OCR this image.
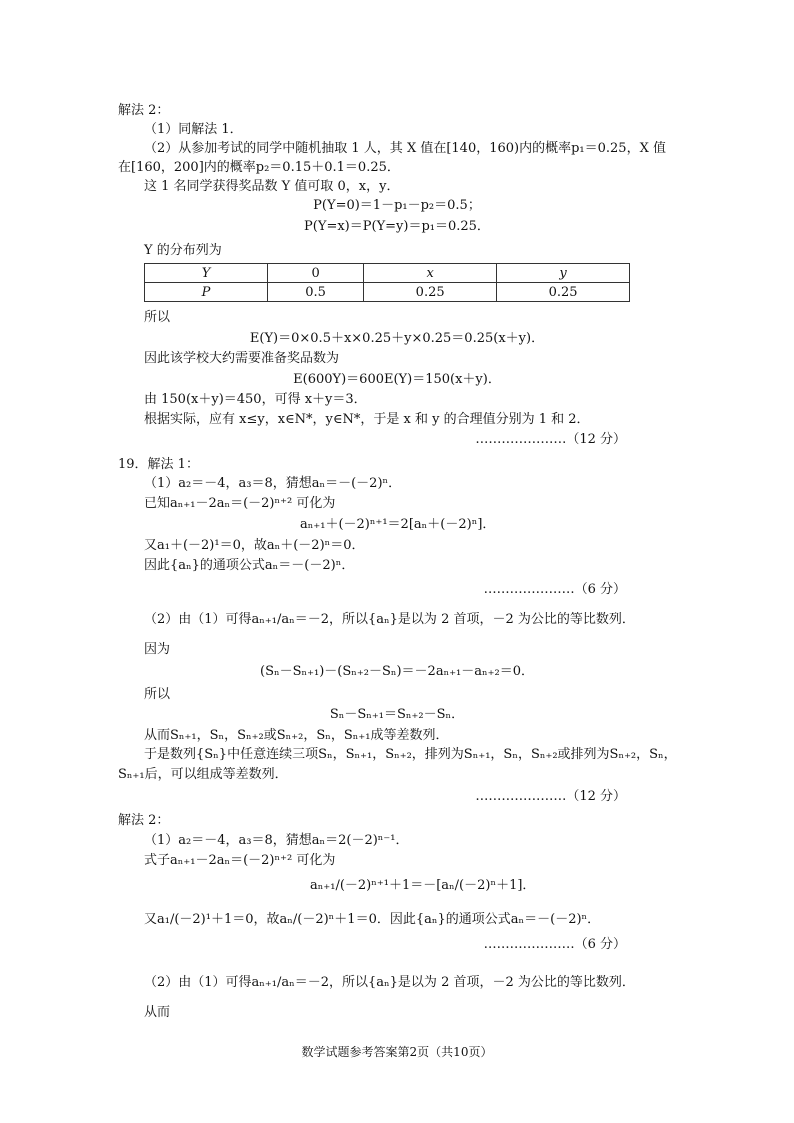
解法 2：
（1）同解法 1．
（2）从参加考试的同学中随机抽取 1 人，其 X 值在[140，160)内的概率p₁＝0.25，X 值
在[160，200]内的概率p₂＝0.15＋0.1＝0.25．
这 1 名同学获得奖品数 Y 值可取 0，x，y．
P(Y=0)＝1－p₁－p₂＝0.5；
P(Y=x)＝P(Y=y)＝p₁＝0.25．
Y 的分布列为
Y	0	x	y
P	0.5	0.25	0.25
所以
E(Y)＝0×0.5＋x×0.25＋y×0.25＝0.25(x＋y)．
因此该学校大约需要准备奖品数为
E(600Y)＝600E(Y)＝150(x＋y)．
由 150(x＋y)＝450，可得 x＋y＝3．
根据实际，应有 x≤y，x∈N*，y∈N*，于是 x 和 y 的合理值分别为 1 和 2．
…………………（12 分）
19．解法 1：
（1）a₂＝－4，a₃＝8，猜想aₙ＝－(－2)ⁿ．
已知aₙ₊₁－2aₙ＝(－2)ⁿ⁺² 可化为
aₙ₊₁＋(－2)ⁿ⁺¹＝2[aₙ＋(－2)ⁿ]．
又a₁＋(－2)¹＝0，故aₙ＋(－2)ⁿ＝0．
因此{aₙ}的通项公式aₙ＝－(－2)ⁿ．
…………………（6 分）
（2）由（1）可得aₙ₊₁/aₙ＝－2，所以{aₙ}是以为 2 首项，－2 为公比的等比数列．
因为
(Sₙ－Sₙ₊₁)－(Sₙ₊₂－Sₙ)＝－2aₙ₊₁－aₙ₊₂＝0．
所以
Sₙ－Sₙ₊₁＝Sₙ₊₂－Sₙ．
从而Sₙ₊₁，Sₙ，Sₙ₊₂或Sₙ₊₂，Sₙ，Sₙ₊₁成等差数列．
于是数列{Sₙ}中任意连续三项Sₙ，Sₙ₊₁，Sₙ₊₂，排列为Sₙ₊₁，Sₙ，Sₙ₊₂或排列为Sₙ₊₂，Sₙ，
Sₙ₊₁后，可以组成等差数列．
…………………（12 分）
解法 2：
（1）a₂＝－4，a₃＝8，猜想aₙ＝2(－2)ⁿ⁻¹．
式子aₙ₊₁－2aₙ＝(－2)ⁿ⁺² 可化为
aₙ₊₁/(－2)ⁿ⁺¹＋1＝－[aₙ/(－2)ⁿ＋1]．
又a₁/(－2)¹＋1＝0，故aₙ/(－2)ⁿ＋1＝0．因此{aₙ}的通项公式aₙ＝－(－2)ⁿ．
…………………（6 分）
（2）由（1）可得aₙ₊₁/aₙ＝－2，所以{aₙ}是以为 2 首项，－2 为公比的等比数列．
从而
数学试题参考答案第2页（共10页）
